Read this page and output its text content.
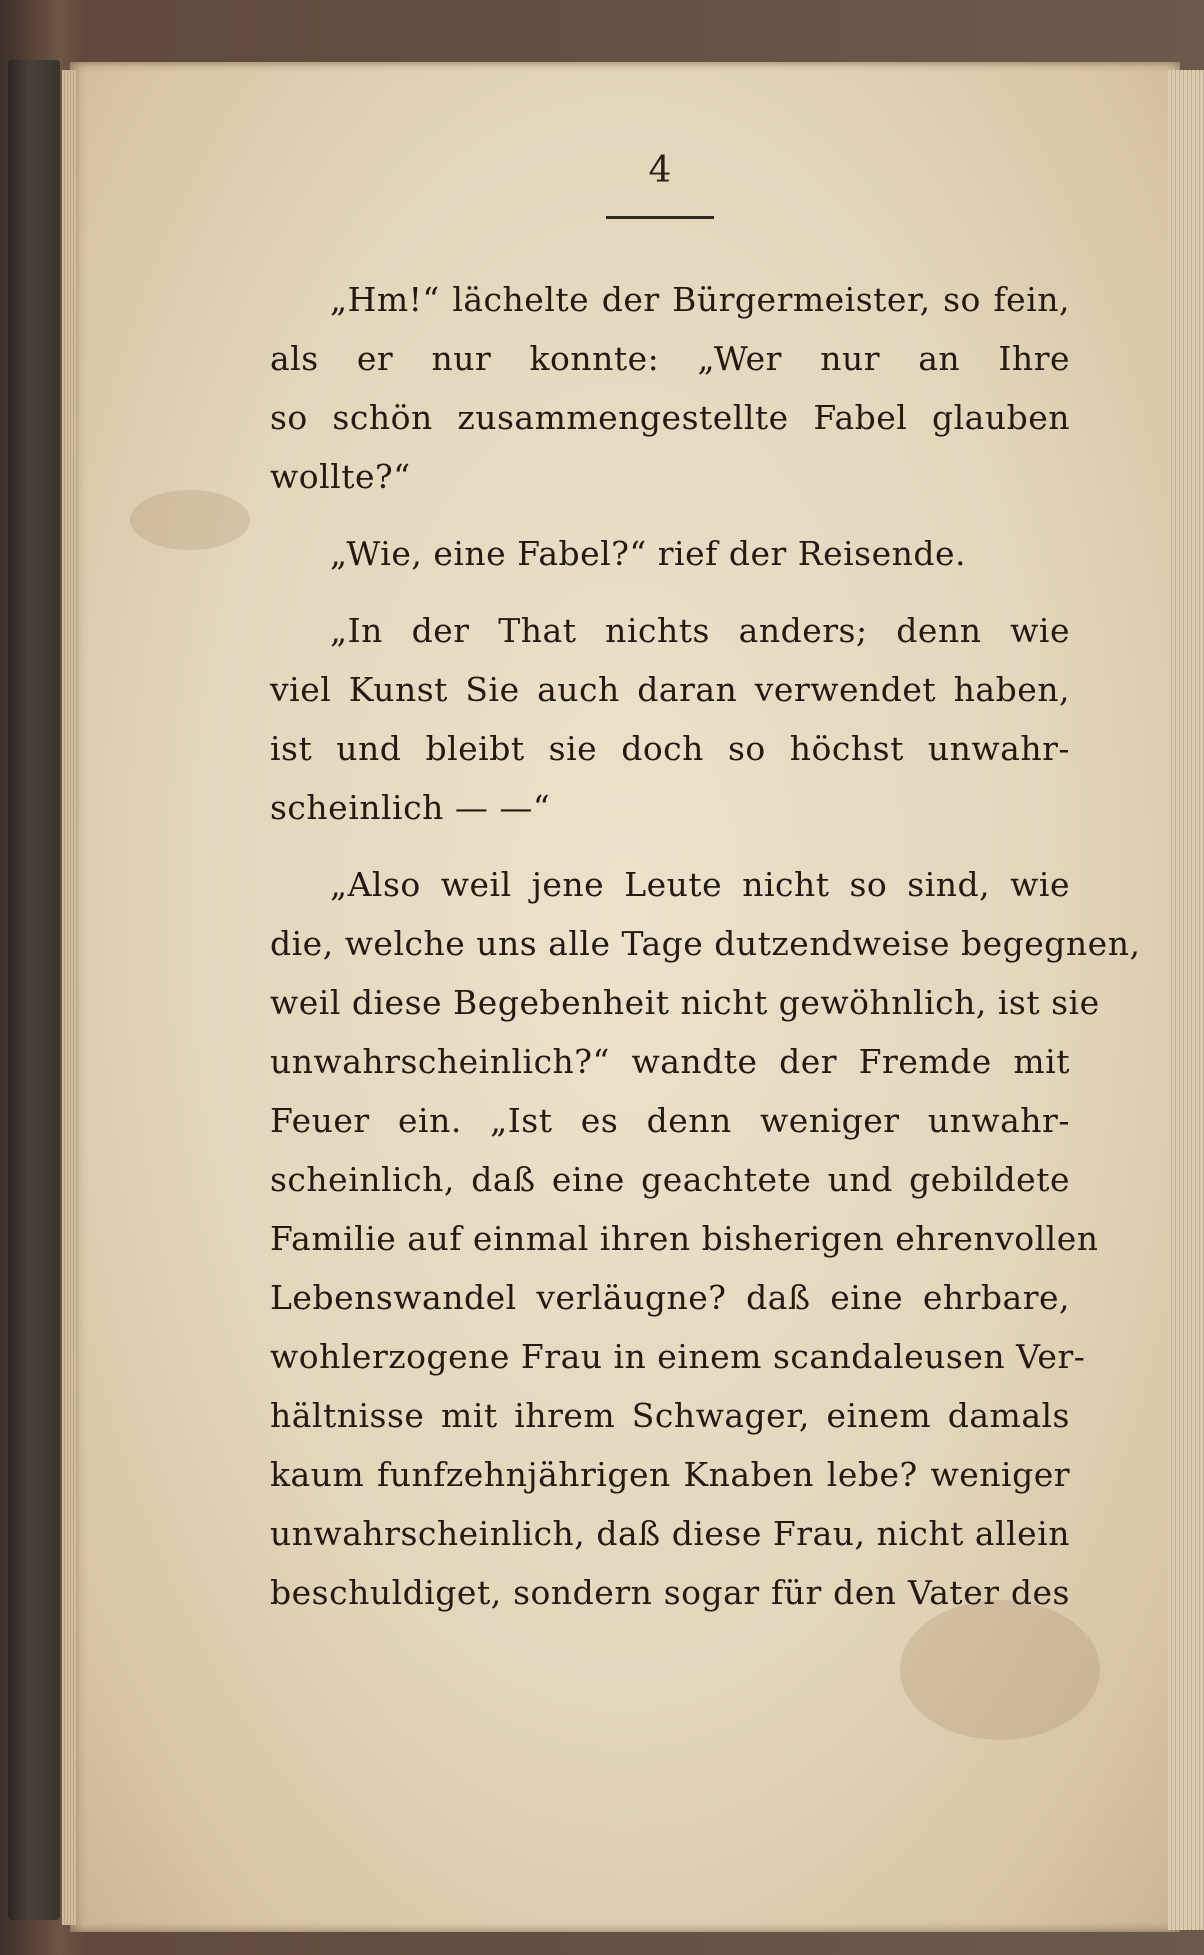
4
„Hm!“ lächelte der Bürgermeister, so fein,
als er nur konnte: „Wer nur an Ihre
so schön zusammengestellte Fabel glauben
wollte?“
„Wie, eine Fabel?“ rief der Reisende.
„In der That nichts anders; denn wie
viel Kunst Sie auch daran verwendet haben,
ist und bleibt sie doch so höchst unwahr-
scheinlich — —“
„Also weil jene Leute nicht so sind, wie
die, welche uns alle Tage dutzendweise begegnen,
weil diese Begebenheit nicht gewöhnlich, ist sie
unwahrscheinlich?“ wandte der Fremde mit
Feuer ein. „Ist es denn weniger unwahr-
scheinlich, daß eine geachtete und gebildete
Familie auf einmal ihren bisherigen ehrenvollen
Lebenswandel verläugne? daß eine ehrbare,
wohlerzogene Frau in einem scandaleusen Ver-
hältnisse mit ihrem Schwager, einem damals
kaum funfzehnjährigen Knaben lebe? weniger
unwahrscheinlich, daß diese Frau, nicht allein
beschuldiget, sondern sogar für den Vater des
